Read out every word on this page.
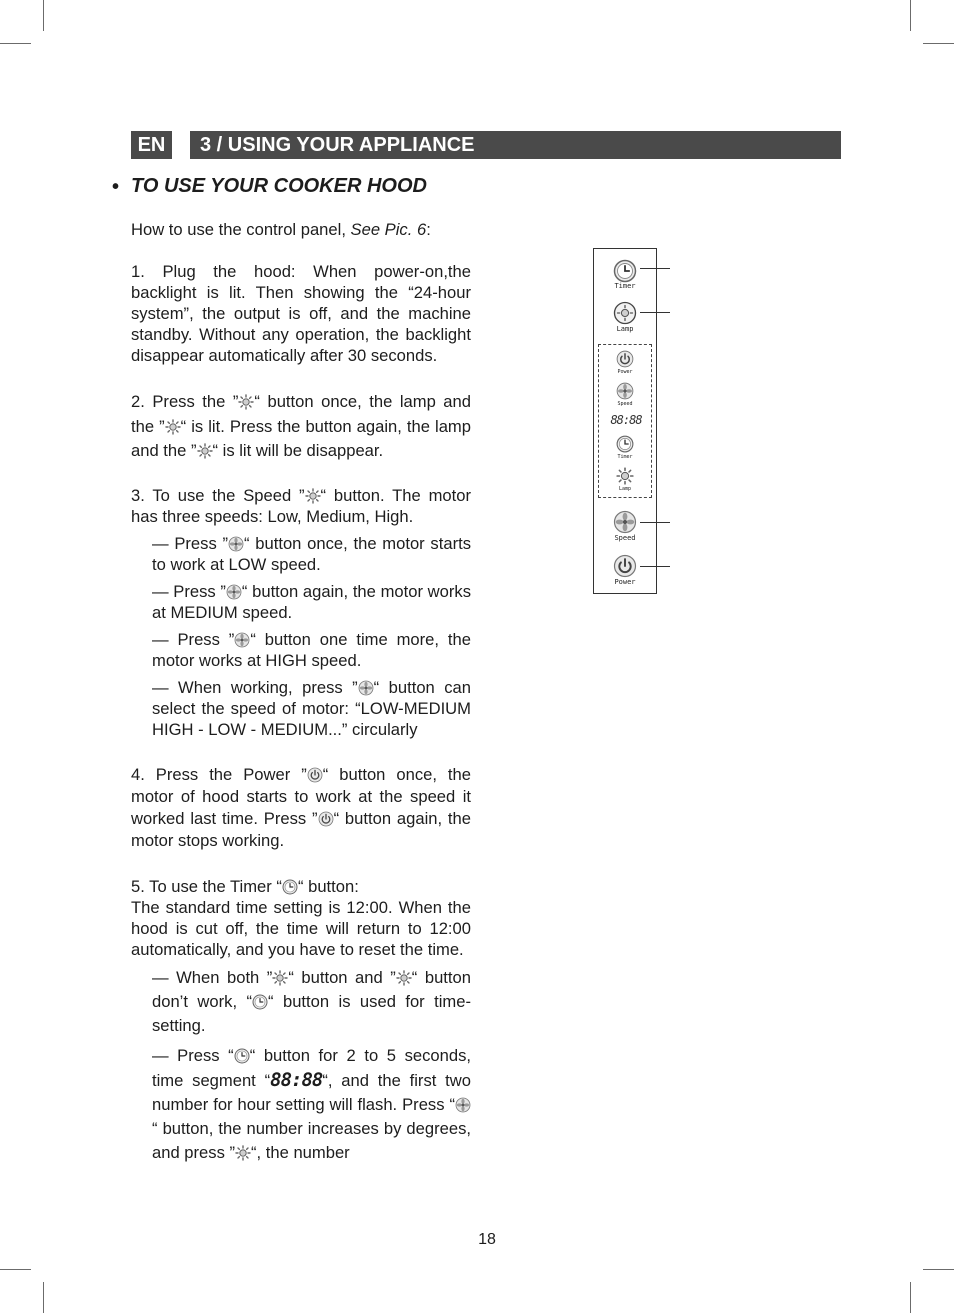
EN	3 / USING YOUR APPLIANCE
• TO USE YOUR COOKER HOOD

How to use the control panel, See Pic. 6:

1. Plug the hood: When power-on,the backlight is lit. Then showing the “24-hour system”, the output is off, and the machine standby. Without any operation, the backlight disappear automatically after 30 seconds.

2. Press the ” “ button once, the lamp and the ” “ is lit. Press the button again, the lamp and the ” “ is lit will be disappear.

3. To use the Speed ” “ button. The motor has three speeds: Low, Medium, High.

— Press ” “ button once, the motor starts to work at LOW speed.

— Press ” “ button again, the motor works at MEDIUM speed.

— Press ” “ button one time more, the motor works at HIGH speed.

— When working, press ” “ button can select the speed of motor: “LOW-MEDIUM HIGH - LOW - MEDIUM...” circularly

4. Press the Power ” “ button once, the motor of hood starts to work at the speed it worked last time. Press ” “ button again, the motor stops working.

5. To use the Timer “ “ button:

The standard time setting is 12:00. When the hood is cut off, the time will return to 12:00 automatically, and you have to reset the time.

— When both ” “ button and ” “ button don’t work, “ “ button is used for time-setting.

— Press “ “ button for 2 to 5 seconds, time segment “88:88“, and the first two number for hour setting will flash. Press “
“ button, the number increases by degrees, and press ” “, the number

Timer
Lamp
Power
Speed
88:88
Timer
Lamp
Speed
Power
18
